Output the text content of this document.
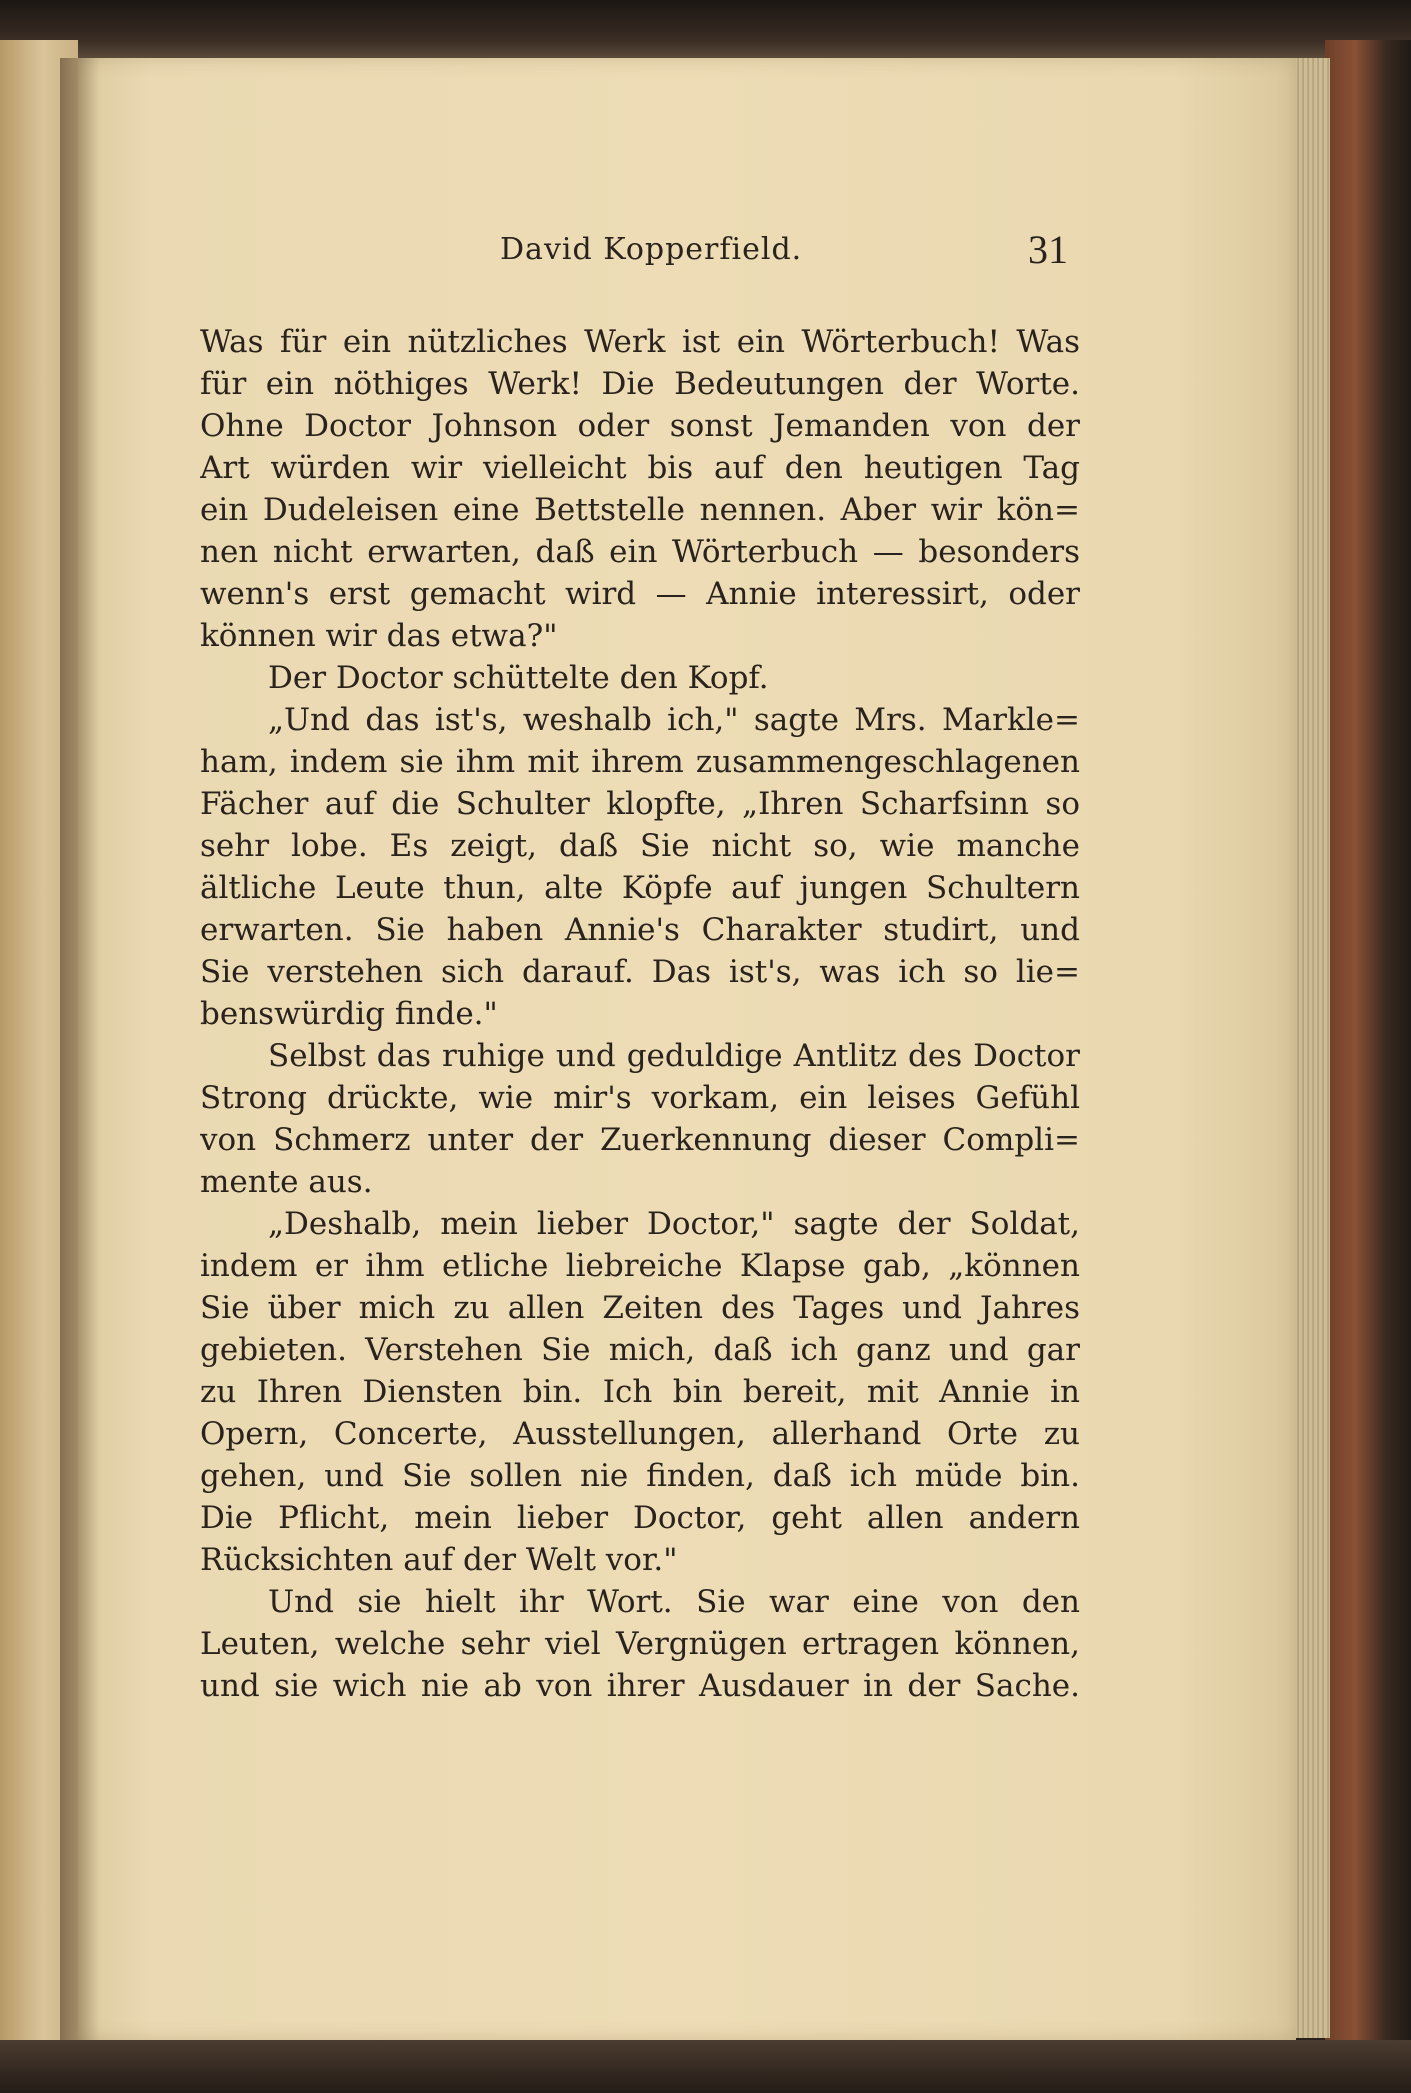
David Kopperfield.	31
Was für ein nützliches Werk ist ein Wörterbuch! Was
für ein nöthiges Werk! Die Bedeutungen der Worte.
Ohne Doctor Johnson oder sonst Jemanden von der
Art würden wir vielleicht bis auf den heutigen Tag
ein Dudeleisen eine Bettstelle nennen. Aber wir kön=
nen nicht erwarten, daß ein Wörterbuch — besonders
wenn's erst gemacht wird — Annie interessirt, oder
können wir das etwa?"
Der Doctor schüttelte den Kopf.
„Und das ist's, weshalb ich," sagte Mrs. Markle=
ham, indem sie ihm mit ihrem zusammengeschlagenen
Fächer auf die Schulter klopfte, „Ihren Scharfsinn so
sehr lobe. Es zeigt, daß Sie nicht so, wie manche
ältliche Leute thun, alte Köpfe auf jungen Schultern
erwarten. Sie haben Annie's Charakter studirt, und
Sie verstehen sich darauf. Das ist's, was ich so lie=
benswürdig finde."
Selbst das ruhige und geduldige Antlitz des Doctor
Strong drückte, wie mir's vorkam, ein leises Gefühl
von Schmerz unter der Zuerkennung dieser Compli=
mente aus.
„Deshalb, mein lieber Doctor," sagte der Soldat,
indem er ihm etliche liebreiche Klapse gab, „können
Sie über mich zu allen Zeiten des Tages und Jahres
gebieten. Verstehen Sie mich, daß ich ganz und gar
zu Ihren Diensten bin. Ich bin bereit, mit Annie in
Opern, Concerte, Ausstellungen, allerhand Orte zu
gehen, und Sie sollen nie finden, daß ich müde bin.
Die Pflicht, mein lieber Doctor, geht allen andern
Rücksichten auf der Welt vor."
Und sie hielt ihr Wort. Sie war eine von den
Leuten, welche sehr viel Vergnügen ertragen können,
und sie wich nie ab von ihrer Ausdauer in der Sache.
